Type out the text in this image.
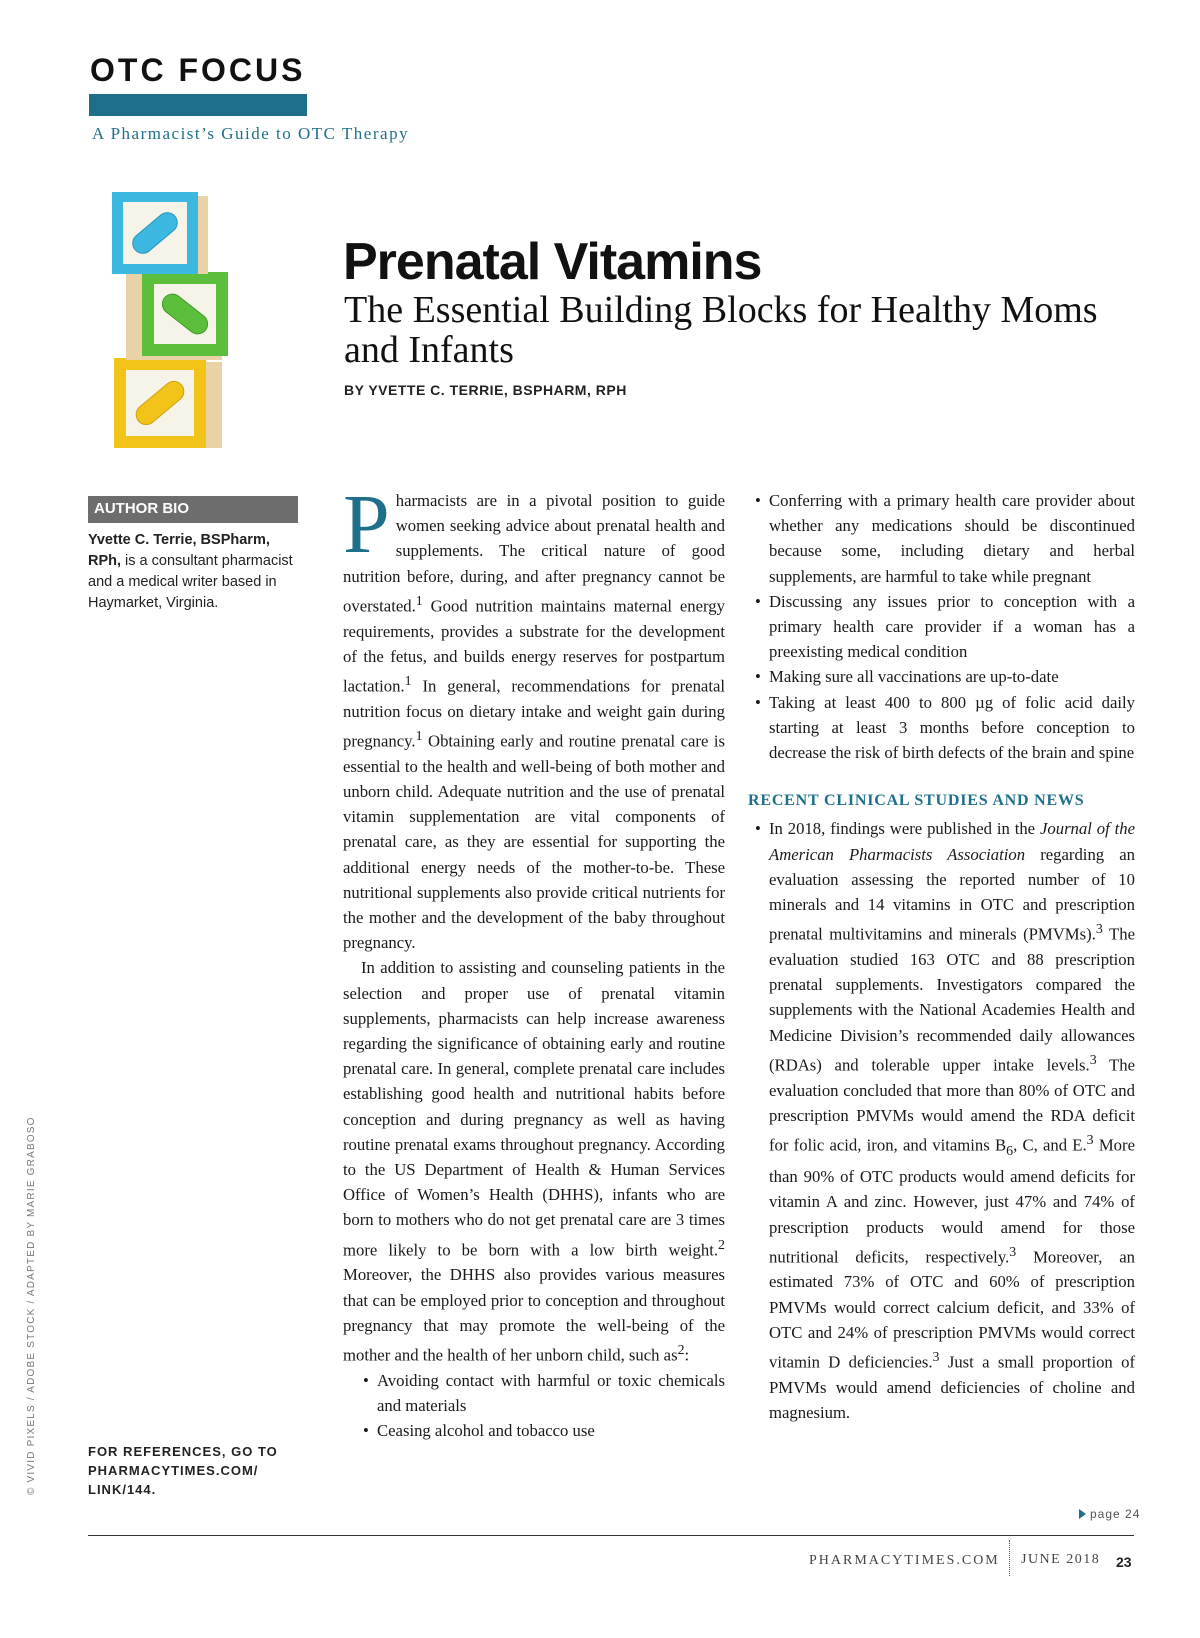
OTC FOCUS
A Pharmacist’s Guide to OTC Therapy
Prenatal Vitamins
The Essential Building Blocks for Healthy Moms and Infants
BY YVETTE C. TERRIE, BSPHARM, RPH
AUTHOR BIO
Yvette C. Terrie, BSPharm, RPh, is a consultant pharmacist and a medical writer based in Haymarket, Virginia.
© VIVID PIXELS / ADOBE STOCK / ADAPTED BY MARIE GRABOSO	FOR REFERENCES, GO TO
PHARMACYTIMES.COM/
LINK/144.

Pharmacists are in a pivotal position to guide women seeking advice about prenatal health and supplements. The critical nature of good nutrition before, during, and after pregnancy cannot be overstated.$^1$ Good nutrition maintains maternal energy requirements, provides a substrate for the development of the fetus, and builds energy reserves for postpartum lactation.$^1$ In general, recommendations for prenatal nutrition focus on dietary intake and weight gain during pregnancy.$^1$ Obtaining early and routine prenatal care is essential to the health and well-being of both mother and unborn child. Adequate nutrition and the use of prenatal vitamin supplementation are vital components of prenatal care, as they are essential for supporting the additional energy needs of the mother-to-be. These nutritional supplements also provide critical nutrients for the mother and the development of the baby throughout pregnancy.

In addition to assisting and counseling patients in the selection and proper use of prenatal vitamin supplements, pharmacists can help increase awareness regarding the significance of obtaining early and routine prenatal care. In general, complete prenatal care includes establishing good health and nutritional habits before conception and during pregnancy as well as having routine prenatal exams throughout pregnancy. According to the US Department of Health & Human Services Office of Women’s Health (DHHS), infants who are born to mothers who do not get prenatal care are 3 times more likely to be born with a low birth weight.$^2$ Moreover, the DHHS also provides various measures that can be employed prior to conception and throughout pregnancy that may promote the well-being of the mother and the health of her unborn child, such $as^2$:

• Avoiding contact with harmful or toxic chemicals and materials
• Ceasing alcohol and tobacco use
• Conferring with a primary health care provider about whether any medications should be discontinued because some, including dietary and herbal supplements, are harmful to take while pregnant
• Discussing any issues prior to conception with a primary health care provider if a woman has a preexisting medical condition
• Making sure all vaccinations are up-to-date
• Taking at least 400 to 800 µg of folic acid daily starting at least 3 months before conception to decrease the risk of birth defects of the brain and spine
RECENT CLINICAL STUDIES AND NEWS
• In 2018, findings were published in the Journal of the American Pharmacists Association regarding an evaluation assessing the reported number of 10 minerals and 14 vitamins in OTC and prescription prenatal multivitamins and minerals (PMVMs).$^3$ The evaluation studied 163 OTC and 88 prescription prenatal supplements. Investigators compared the supplements with the National Academies Health and Medicine Division’s recommended daily allowances (RDAs) and tolerable upper intake levels.$^3$ The evaluation concluded that more than 80% of OTC and prescription PMVMs would amend the RDA deficit for folic acid, iron, and vitamins $B_6$, C, and E.$^3$ More than 90% of OTC products would amend deficits for vitamin A and zinc. However, just 47% and 74% of prescription products would amend for those nutritional deficits, respectively.$^3$ Moreover, an estimated 73% of OTC and 60% of prescription PMVMs would correct calcium deficit, and 33% of OTC and 24% of prescription PMVMs would correct vitamin D deficiencies.$^3$ Just a small proportion of PMVMs would amend deficiencies of choline and magnesium.
page 24
PHARMACYTIMES.COM JUNE 2018 23
